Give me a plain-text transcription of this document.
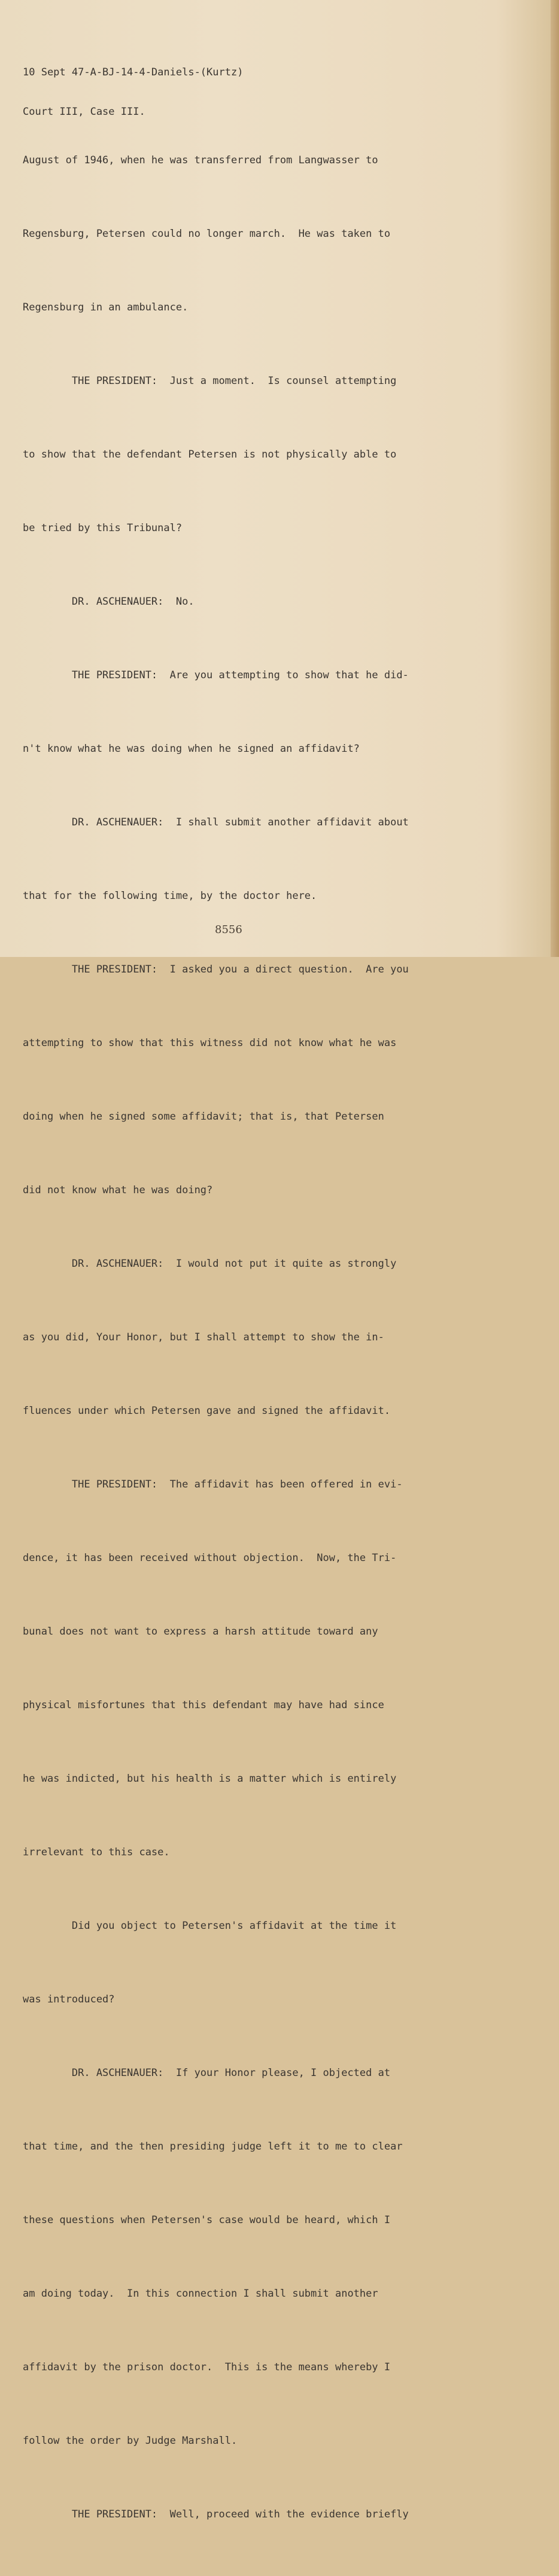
10 Sept 47-A-BJ-14-4-Daniels-(Kurtz)

Court III, Case III.

August of 1946, when he was transferred from Langwasser to

Regensburg, Petersen could no longer march.  He was taken to

Regensburg in an ambulance.

THE PRESIDENT:  Just a moment.  Is counsel attempting

to show that the defendant Petersen is not physically able to

be tried by this Tribunal?

DR. ASCHENAUER:  No.

THE PRESIDENT:  Are you attempting to show that he did-

n't know what he was doing when he signed an affidavit?

DR. ASCHENAUER:  I shall submit another affidavit about

that for the following time, by the doctor here.

THE PRESIDENT:  I asked you a direct question.  Are you

attempting to show that this witness did not know what he was

doing when he signed some affidavit; that is, that Petersen

did not know what he was doing?

DR. ASCHENAUER:  I would not put it quite as strongly

as you did, Your Honor, but I shall attempt to show the in-

fluences under which Petersen gave and signed the affidavit.

THE PRESIDENT:  The affidavit has been offered in evi-

dence, it has been received without objection.  Now, the Tri-

bunal does not want to express a harsh attitude toward any

physical misfortunes that this defendant may have had since

he was indicted, but his health is a matter which is entirely

irrelevant to this case.

Did you object to Petersen's affidavit at the time it

was introduced?

DR. ASCHENAUER:  If your Honor please, I objected at

that time, and the then presiding judge left it to me to clear

these questions when Petersen's case would be heard, which I

am doing today.  In this connection I shall submit another

affidavit by the prison doctor.  This is the means whereby I

follow the order by Judge Marshall.

THE PRESIDENT:  Well, proceed with the evidence briefly

8556
